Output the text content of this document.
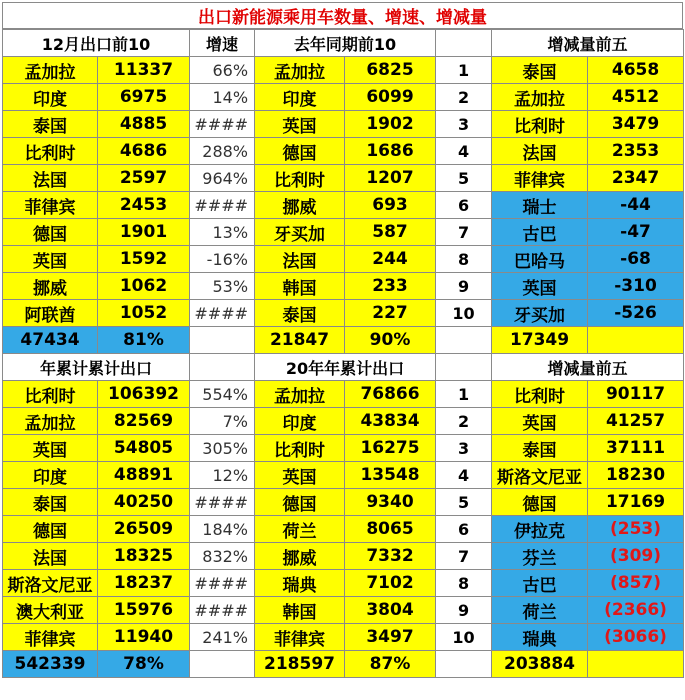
出口新能源乘用车数量、增速、增减量
12月出口前10		增速	去年同期前10			增减量前五	
孟加拉	11337	66%	孟加拉	6825	1	泰国	4658
印度	6975	14%	印度	6099	2	孟加拉	4512
泰国	4885	####	英国	1902	3	比利时	3479
比利时	4686	288%	德国	1686	4	法国	2353
法国	2597	964%	比利时	1207	5	菲律宾	2347
菲律宾	2453	####	挪威	693	6	瑞士	-44
德国	1901	13%	牙买加	587	7	古巴	-47
英国	1592	-16%	法国	244	8	巴哈马	-68
挪威	1062	53%	韩国	233	9	英国	-310
阿联酋	1052	####	泰国	227	10	牙买加	-526
47434	81%		21847	90%		17349	
年累计累计出口			20年年累计出口			增减量前五	
比利时	106392	554%	孟加拉	76866	1	比利时	90117
孟加拉	82569	7%	印度	43834	2	英国	41257
英国	54805	305%	比利时	16275	3	泰国	37111
印度	48891	12%	英国	13548	4	斯洛文尼亚	18230
泰国	40250	####	德国	9340	5	德国	17169
德国	26509	184%	荷兰	8065	6	伊拉克	(253)
法国	18325	832%	挪威	7332	7	芬兰	(309)
斯洛文尼亚	18237	####	瑞典	7102	8	古巴	(857)
澳大利亚	15976	####	韩国	3804	9	荷兰	(2366)
菲律宾	11940	241%	菲律宾	3497	10	瑞典	(3066)
542339	78%		218597	87%		203884	
